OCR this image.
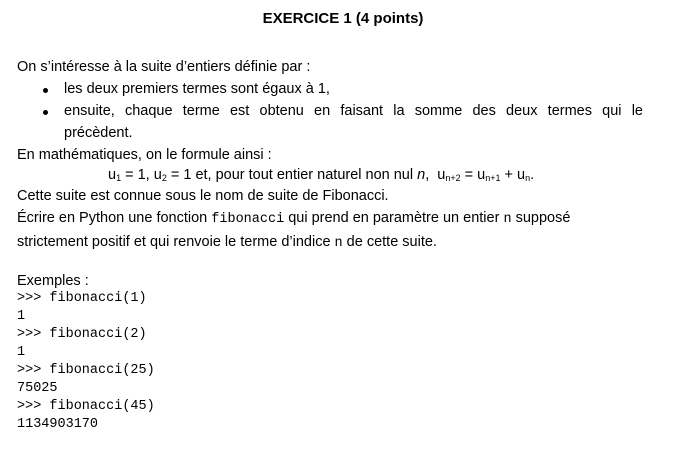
EXERCICE 1 (4 points)
On s’intéresse à la suite d’entiers définie par :
les deux premiers termes sont égaux à 1,
ensuite, chaque terme est obtenu en faisant la somme des deux termes qui le
précèdent.
En mathématiques, on le formule ainsi :
$u_1 = 1$, $u_2 = 1$ et, pour tout entier naturel non nul n, $u_{n+2} = u_{n+1} + u_n$.
Cette suite est connue sous le nom de suite de Fibonacci.
Écrire en Python une fonction fibonacci qui prend en paramètre un entier n supposé
strictement positif et qui renvoie le terme d’indice n de cette suite.
Exemples :
>>> fibonacci(1)
1
>>> fibonacci(2)
1
>>> fibonacci(25)
75025
>>> fibonacci(45)
1134903170
